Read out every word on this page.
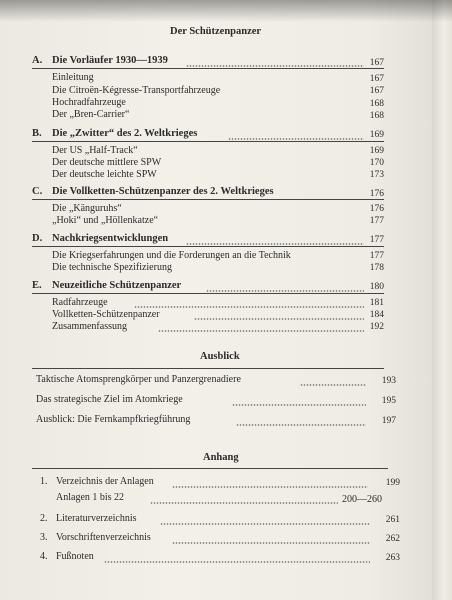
Der Schützenpanzer
A. Die Vorläufer 1930—1939	167
Einleitung	167
Die Citroën-Kégresse-Transportfahrzeuge	167
Hochradfahrzeuge	168
Der „Bren-Carrier“	168
B. Die „Zwitter“ des 2. Weltkrieges	169
Der US „Half-Track“	169
Der deutsche mittlere SPW	170
Der deutsche leichte SPW	173
C. Die Vollketten-Schützenpanzer des 2. Weltkrieges	176
Die „Känguruhs“	176
„Hoki“ und „Höllenkatze“	177
D. Nachkriegsentwicklungen	177
Die Kriegserfahrungen und die Forderungen an die Technik	177
Die technische Spezifizierung	178
E. Neuzeitliche Schützenpanzer	180
Radfahrzeuge	181
Vollketten-Schützenpanzer	184
Zusammenfassung	192
Ausblick
Taktische Atomsprengkörper und Panzergrenadiere	193
Das strategische Ziel im Atomkriege	195
Ausblick: Die Fernkampfkriegführung	197
Anhang
1. Verzeichnis der Anlagen	199
Anlagen 1 bis 22	200—260
2. Literaturverzeichnis	261
3. Vorschriftenverzeichnis	262
4. Fußnoten	263
